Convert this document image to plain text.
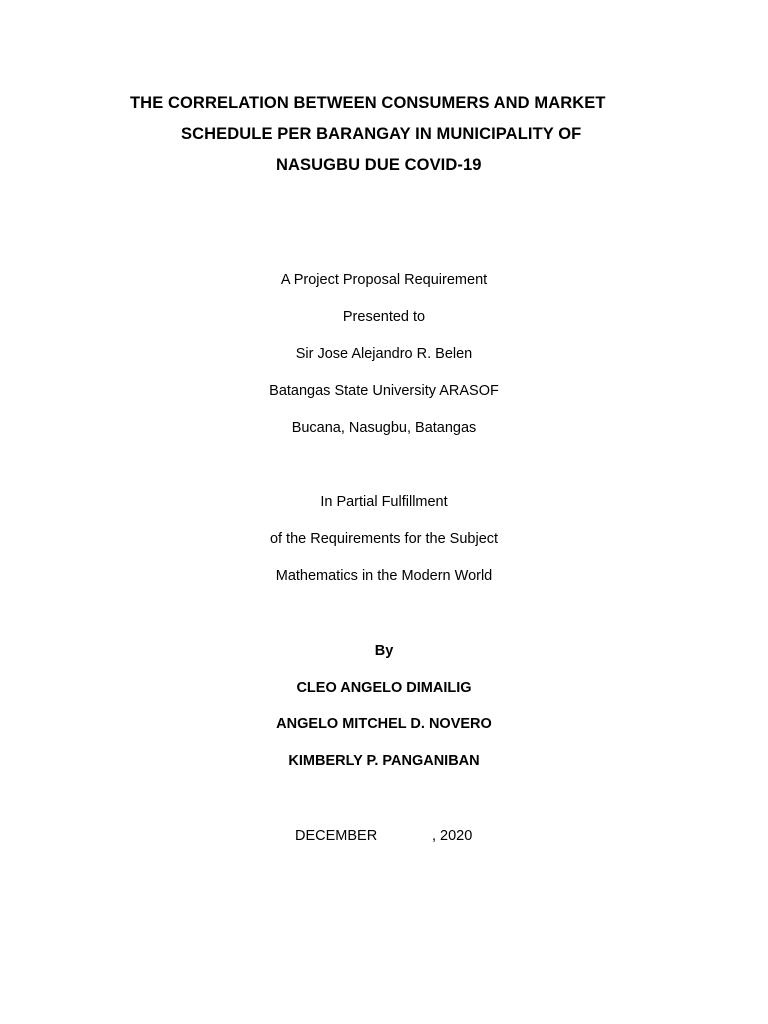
THE CORRELATION BETWEEN CONSUMERS AND MARKET
SCHEDULE PER BARANGAY IN MUNICIPALITY OF
NASUGBU DUE COVID-19
A Project Proposal Requirement
Presented to
Sir Jose Alejandro R. Belen
Batangas State University ARASOF
Bucana, Nasugbu, Batangas
In Partial Fulfillment
of the Requirements for the Subject
Mathematics in the Modern World
By
CLEO ANGELO DIMAILIG
ANGELO MITCHEL D. NOVERO
KIMBERLY P. PANGANIBAN
DECEMBER	, 2020
